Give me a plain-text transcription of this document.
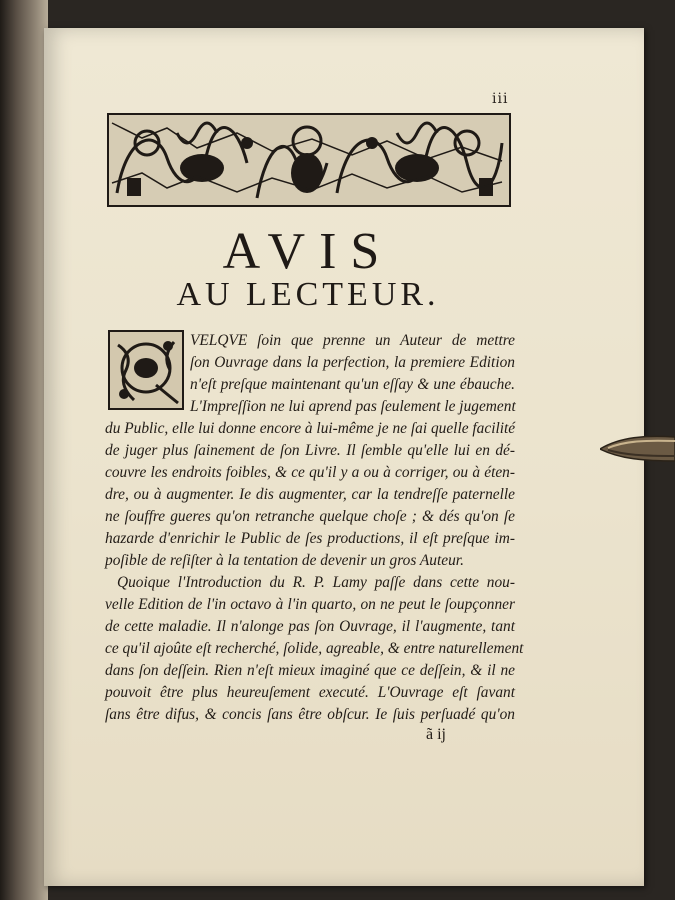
iii
AVIS
AU LECTEUR.
VELQVE ſoin que prenne un Auteur de mettre
ſon Ouvrage dans la perfection, la premiere Edition
n'eſt preſque maintenant qu'un eſſay & une ébauche.
L'Impreſſion ne lui aprend pas ſeulement le jugement
du Public, elle lui donne encore à lui-même je ne ſai quelle facilité
de juger plus ſainement de ſon Livre. Il ſemble qu'elle lui en dé-
couvre les endroits foibles, & ce qu'il y a ou à corriger, ou à éten-
dre, ou à augmenter. Ie dis augmenter, car la tendreſſe paternelle
ne ſouffre gueres qu'on retranche quelque choſe ; & dés qu'on ſe
hazarde d'enrichir le Public de ſes productions, il eſt preſque im-
poſible de reſiſter à la tentation de devenir un gros Auteur.
Quoique l'Introduction du R. P. Lamy paſſe dans cette nou-
velle Edition de l'in octavo à l'in quarto, on ne peut le ſoupçonner
de cette maladie. Il n'alonge pas ſon Ouvrage, il l'augmente, tant
ce qu'il ajoûte eſt recherché, ſolide, agreable, & entre naturellement
dans ſon deſſein. Rien n'eſt mieux imaginé que ce deſſein, & il ne
pouvoit être plus heureuſement executé. L'Ouvrage eſt ſavant
ſans être difus, & concis ſans être obſcur. Ie ſuis perſuadé qu'on
ã ij
